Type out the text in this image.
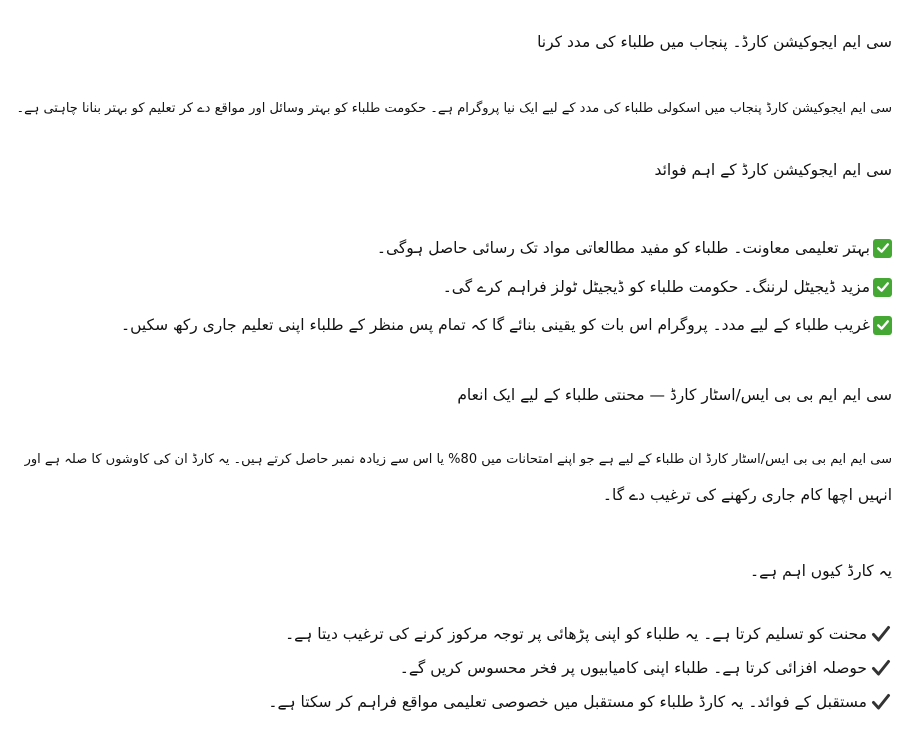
سی ایم ایجوکیشن کارڈ۔ پنجاب میں طلباء کی مدد کرنا
سی ایم ایجوکیشن کارڈ پنجاب میں اسکولی طلباء کی مدد کے لیے ایک نیا پروگرام ہے۔ حکومت طلباء کو بہتر وسائل اور مواقع دے کر تعلیم کو بہتر بنانا چاہتی ہے۔
سی ایم ایجوکیشن کارڈ کے اہم فوائد
بہتر تعلیمی معاونت۔ طلباء کو مفید مطالعاتی مواد تک رسائی حاصل ہوگی۔
مزید ڈیجیٹل لرننگ۔ حکومت طلباء کو ڈیجیٹل ٹولز فراہم کرے گی۔
غریب طلباء کے لیے مدد۔ پروگرام اس بات کو یقینی بنائے گا کہ تمام پس منظر کے طلباء اپنی تعلیم جاری رکھ سکیں۔
سی ایم ایم بی بی ایس/اسٹار کارڈ — محنتی طلباء کے لیے ایک انعام
سی ایم ایم بی بی ایس/اسٹار کارڈ ان طلباء کے لیے ہے جو اپنے امتحانات میں 80% یا اس سے زیادہ نمبر حاصل کرتے ہیں۔ یہ کارڈ ان کی کاوشوں کا صلہ ہے اور
انہیں اچھا کام جاری رکھنے کی ترغیب دے گا۔
یہ کارڈ کیوں اہم ہے۔
محنت کو تسلیم کرتا ہے۔ یہ طلباء کو اپنی پڑھائی پر توجہ مرکوز کرنے کی ترغیب دیتا ہے۔
حوصلہ افزائی کرتا ہے۔ طلباء اپنی کامیابیوں پر فخر محسوس کریں گے۔
مستقبل کے فوائد۔ یہ کارڈ طلباء کو مستقبل میں خصوصی تعلیمی مواقع فراہم کر سکتا ہے۔
